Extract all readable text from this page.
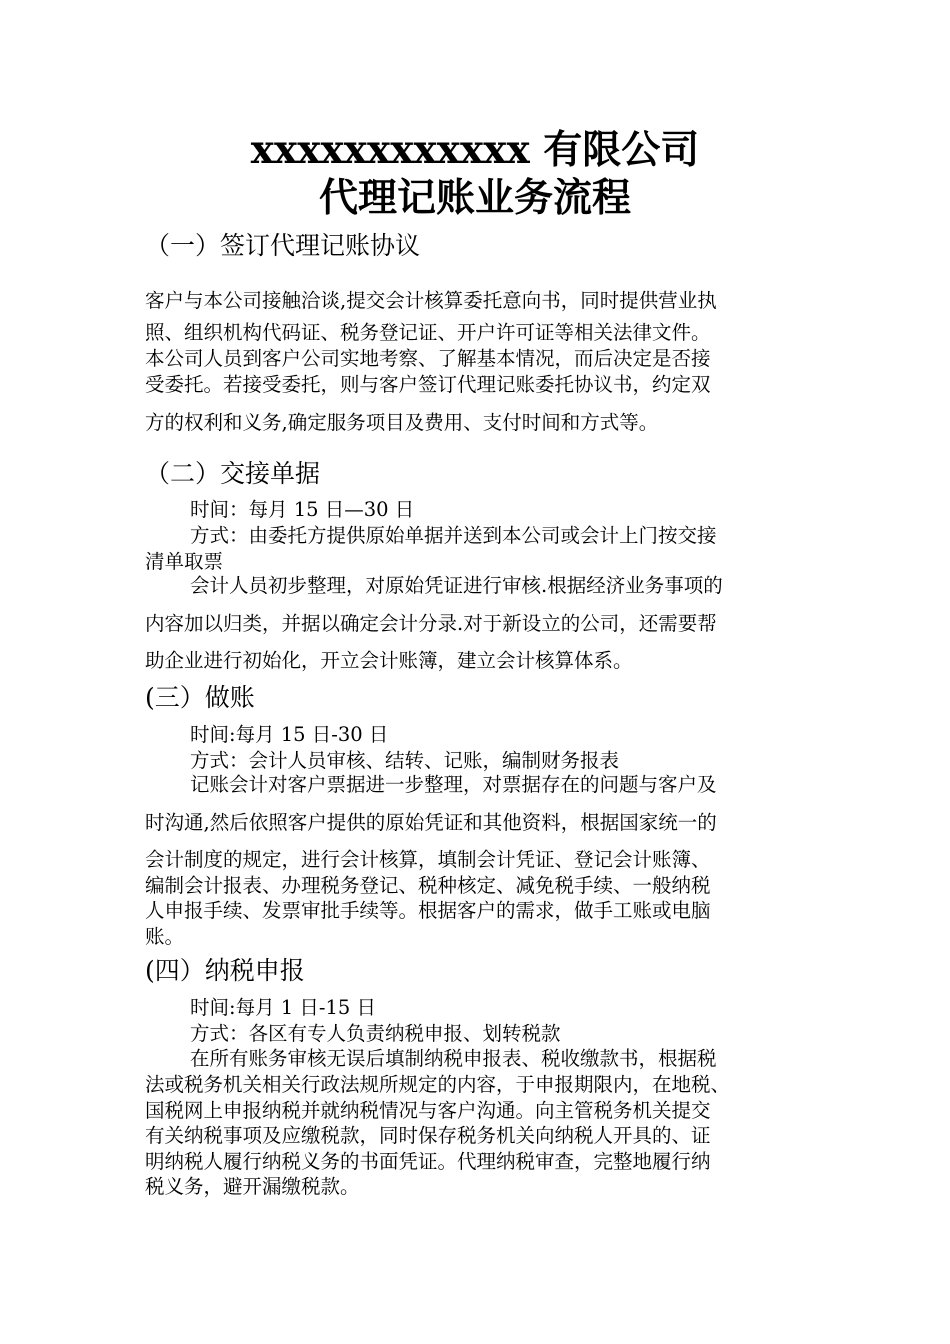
xxxxxxxxxxxx 有限公司
代理记账业务流程
（一）签订代理记账协议
客户与本公司接触洽谈,提交会计核算委托意向书，同时提供营业执
照、组织机构代码证、税务登记证、开户许可证等相关法律文件。
本公司人员到客户公司实地考察、了解基本情况，而后决定是否接
受委托。若接受委托，则与客户签订代理记账委托协议书，约定双
方的权利和义务,确定服务项目及费用、支付时间和方式等。
（二）交接单据
时间：每月 15 日—30 日
方式：由委托方提供原始单据并送到本公司或会计上门按交接
清单取票
会计人员初步整理，对原始凭证进行审核.根据经济业务事项的
内容加以归类，并据以确定会计分录.对于新设立的公司，还需要帮
助企业进行初始化，开立会计账簿，建立会计核算体系。
(三）做账
时间:每月 15 日-30 日
方式：会计人员审核、结转、记账，编制财务报表
记账会计对客户票据进一步整理，对票据存在的问题与客户及
时沟通,然后依照客户提供的原始凭证和其他资料，根据国家统一的
会计制度的规定，进行会计核算，填制会计凭证、登记会计账簿、
编制会计报表、办理税务登记、税种核定、减免税手续、一般纳税
人申报手续、发票审批手续等。根据客户的需求，做手工账或电脑
账。
(四）纳税申报
时间:每月 1 日-15 日
方式：各区有专人负责纳税申报、划转税款
在所有账务审核无误后填制纳税申报表、税收缴款书，根据税
法或税务机关相关行政法规所规定的内容，于申报期限内，在地税、
国税网上申报纳税并就纳税情况与客户沟通。向主管税务机关提交
有关纳税事项及应缴税款，同时保存税务机关向纳税人开具的、证
明纳税人履行纳税义务的书面凭证。代理纳税审查，完整地履行纳
税义务，避开漏缴税款。
